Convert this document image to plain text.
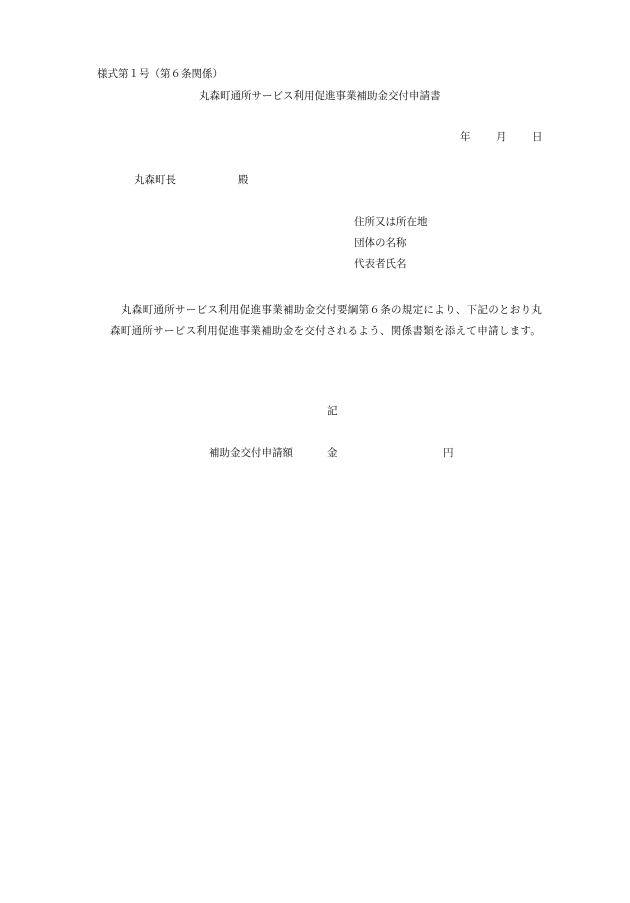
様式第１号（第６条関係）
丸森町通所サービス利用促進事業補助金交付申請書
年 月 日
丸森町長	殿
住所又は所在地
団体の名称
代表者氏名
丸森町通所サービス利用促進事業補助金交付要綱第６条の規定により、下記のとおり丸森町通所サービス利用促進事業補助金を交付されるよう、関係書類を添えて申請します。
記
補助金交付申請額	金	円
